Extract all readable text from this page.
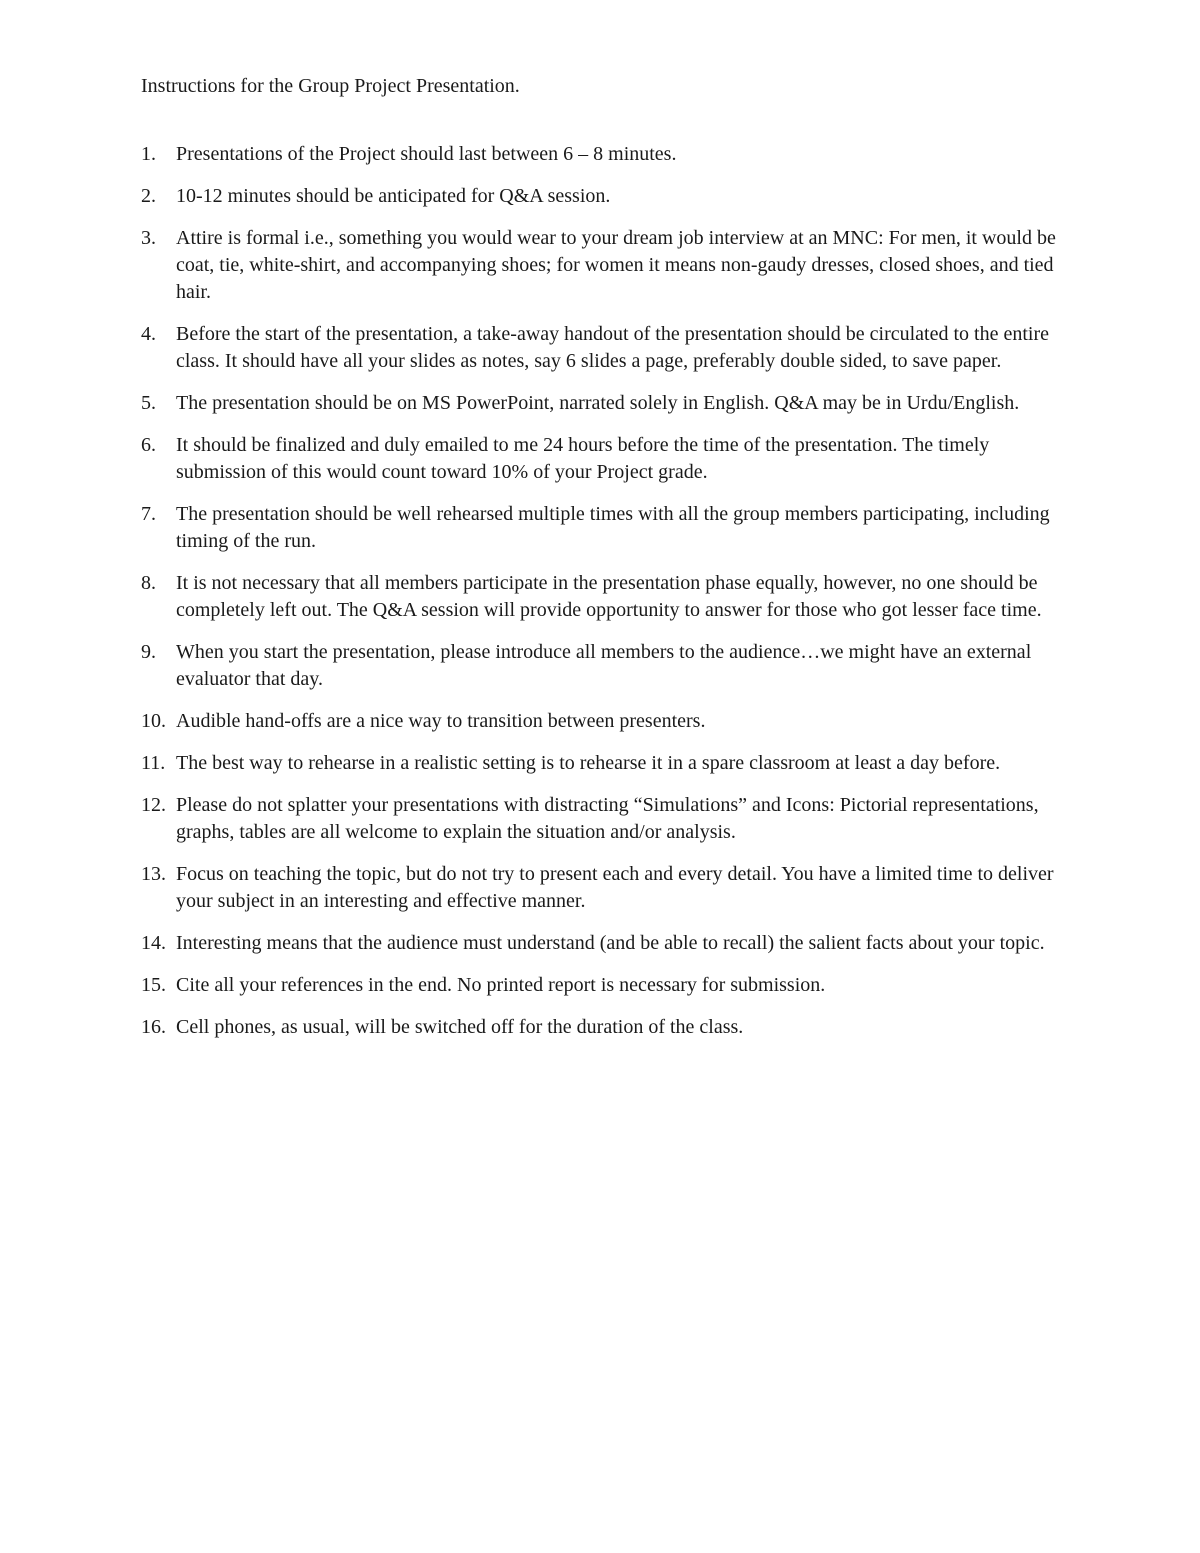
Instructions for the Group Project Presentation.
1. Presentations of the Project should last between 6 – 8 minutes.
2. 10-12 minutes should be anticipated for Q&A session.
3. Attire is formal i.e., something you would wear to your dream job interview at an MNC: For men, it would be coat, tie, white-shirt, and accompanying shoes; for women it means non-gaudy dresses, closed shoes, and tied hair.
4. Before the start of the presentation, a take-away handout of the presentation should be circulated to the entire class. It should have all your slides as notes, say 6 slides a page, preferably double sided, to save paper.
5. The presentation should be on MS PowerPoint, narrated solely in English. Q&A may be in Urdu/English.
6. It should be finalized and duly emailed to me 24 hours before the time of the presentation. The timely submission of this would count toward 10% of your Project grade.
7. The presentation should be well rehearsed multiple times with all the group members participating, including timing of the run.
8. It is not necessary that all members participate in the presentation phase equally, however, no one should be completely left out. The Q&A session will provide opportunity to answer for those who got lesser face time.
9. When you start the presentation, please introduce all members to the audience…we might have an external evaluator that day.
10. Audible hand-offs are a nice way to transition between presenters.
11. The best way to rehearse in a realistic setting is to rehearse it in a spare classroom at least a day before.
12. Please do not splatter your presentations with distracting “Simulations” and Icons: Pictorial representations, graphs, tables are all welcome to explain the situation and/or analysis.
13. Focus on teaching the topic, but do not try to present each and every detail. You have a limited time to deliver your subject in an interesting and effective manner.
14. Interesting means that the audience must understand (and be able to recall) the salient facts about your topic.
15. Cite all your references in the end. No printed report is necessary for submission.
16. Cell phones, as usual, will be switched off for the duration of the class.
